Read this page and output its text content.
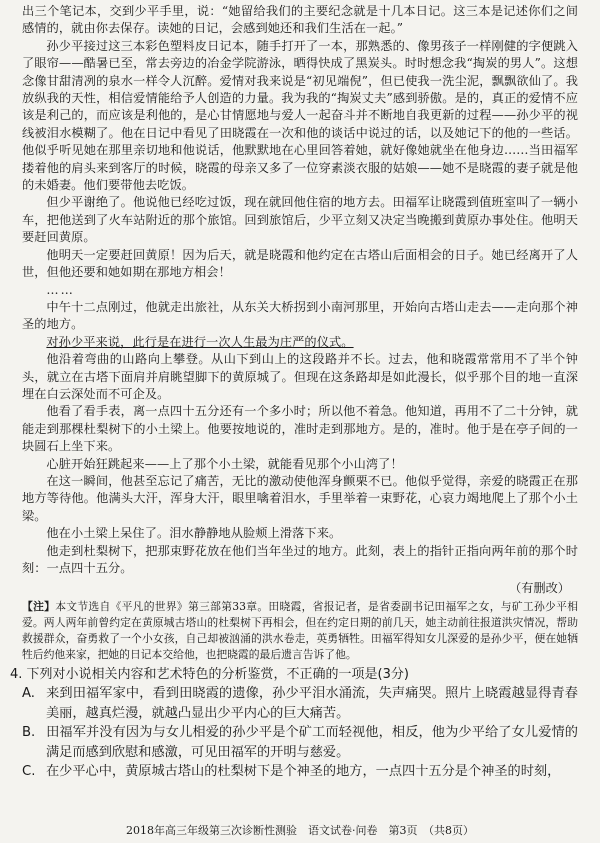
出三个笔记本，交到少平手里，说：“她留给我们的主要纪念就是十几本日记。这三本是记述你们之间感情的，就由你去保存。读她的日记，会感到她还和我们生活在一起。”

孙少平接过这三本彩色塑料皮日记本，随手打开了一本，那熟悉的、像男孩子一样刚健的字便跳入了眼帘——酷暑已至，常去旁边的冶金学院游泳，晒得快成了黑炭头。时时想念我“掏炭的男人”。这想念像甘甜清冽的泉水一样令人沉醉。爱情对我来说是“初见端倪”，但已使我一洗尘泥，飘飘欲仙了。我放纵我的天性，相信爱情能给予人创造的力量。我为我的“掏炭丈夫”感到骄傲。是的，真正的爱情不应该是利己的，而应该是利他的，是心甘情愿地与爱人一起奋斗并不断地自我更新的过程——孙少平的视线被泪水模糊了。他在日记中看见了田晓霞在一次和他的谈话中说过的话，以及她记下的他的一些话。他似乎听见她在那里亲切地和他说话，他默默地在心里回答着她，就好像她就坐在他身边……当田福军搂着他的肩头来到客厅的时候，晓霞的母亲又多了一位穿素淡衣服的姑娘——她不是晓霞的妻子就是他的未婚妻。他们要带他去吃饭。

但少平谢绝了。他说他已经吃过饭，现在就回他住宿的地方去。田福军让晓霞到值班室叫了一辆小车，把他送到了火车站附近的那个旅馆。回到旅馆后，少平立刻又决定当晚搬到黄原办事处住。他明天要赶回黄原。

他明天一定要赶回黄原！因为后天，就是晓霞和他约定在古塔山后面相会的日子。她已经离开了人世，但他还要和她如期在那地方相会！

……

中午十二点刚过，他就走出旅社，从东关大桥拐到小南河那里，开始向古塔山走去——走向那个神圣的地方。

对孙少平来说，此行是在进行一次人生最为庄严的仪式。

他沿着弯曲的山路向上攀登。从山下到山上的这段路并不长。过去，他和晓霞常常用不了半个钟头，就立在古塔下面肩并肩眺望脚下的黄原城了。但现在这条路却是如此漫长，似乎那个目的地一直深埋在白云深处而不可企及。

他看了看手表，离一点四十五分还有一个多小时；所以他不着急。他知道，再用不了二十分钟，就能走到那棵杜梨树下的小土梁上。他要按地说的，准时走到那地方。是的，准时。他于是在亭子间的一块圆石上坐下来。

心脏开始狂跳起来——上了那个小土梁，就能看见那个小山湾了！

在这一瞬间，他甚至忘记了痛苦，无比的激动使他浑身颤栗不已。他似乎觉得，亲爱的晓霞正在那地方等待他。他满头大汗，浑身大汗，眼里噙着泪水，手里举着一束野花，心哀力竭地爬上了那个小土梁。

他在小土梁上呆住了。泪水静静地从脸颊上滑落下来。

他走到杜梨树下，把那束野花放在他们当年坐过的地方。此刻，表上的指针正指向两年前的那个时刻：一点四十五分。

（有删改）

【注】本文节选自《平凡的世界》第三部第33章。田晓霞，省报记者，是省委副书记田福军之女，与矿工孙少平相爱。两人两年前曾约定在黄原城古塔山的杜梨树下再相会，但在约定日期的前几天，她主动前往报道洪灾情况，帮助救援群众，奋勇救了一个小女孩，自己却被汹涌的洪水卷走，英勇牺牲。田福军得知女儿深爱的是孙少平，便在她牺牲后约他来家，把她的日记本交给他，也把晓霞的最后遗言告诉了他。

4. 下列对小说相关内容和艺术特色的分析鉴赏，不正确的一项是(3分)

A. 来到田福军家中，看到田晓霞的遗像，孙少平泪水涌流，失声痛哭。照片上晓霞越显得青春美丽，越真烂漫，就越凸显出少平内心的巨大痛苦。

B. 田福军并没有因为与女儿相爱的孙少平是个矿工而轻视他，相反，他为少平给了女儿爱情的满足而感到欣慰和感激，可见田福军的开明与慈爱。

C. 在少平心中，黄原城古塔山的杜梨树下是个神圣的地方，一点四十五分是个神圣的时刻，

2018年高三年级第三次诊断性测验　语文试卷·问卷　第3页　（共8页）
